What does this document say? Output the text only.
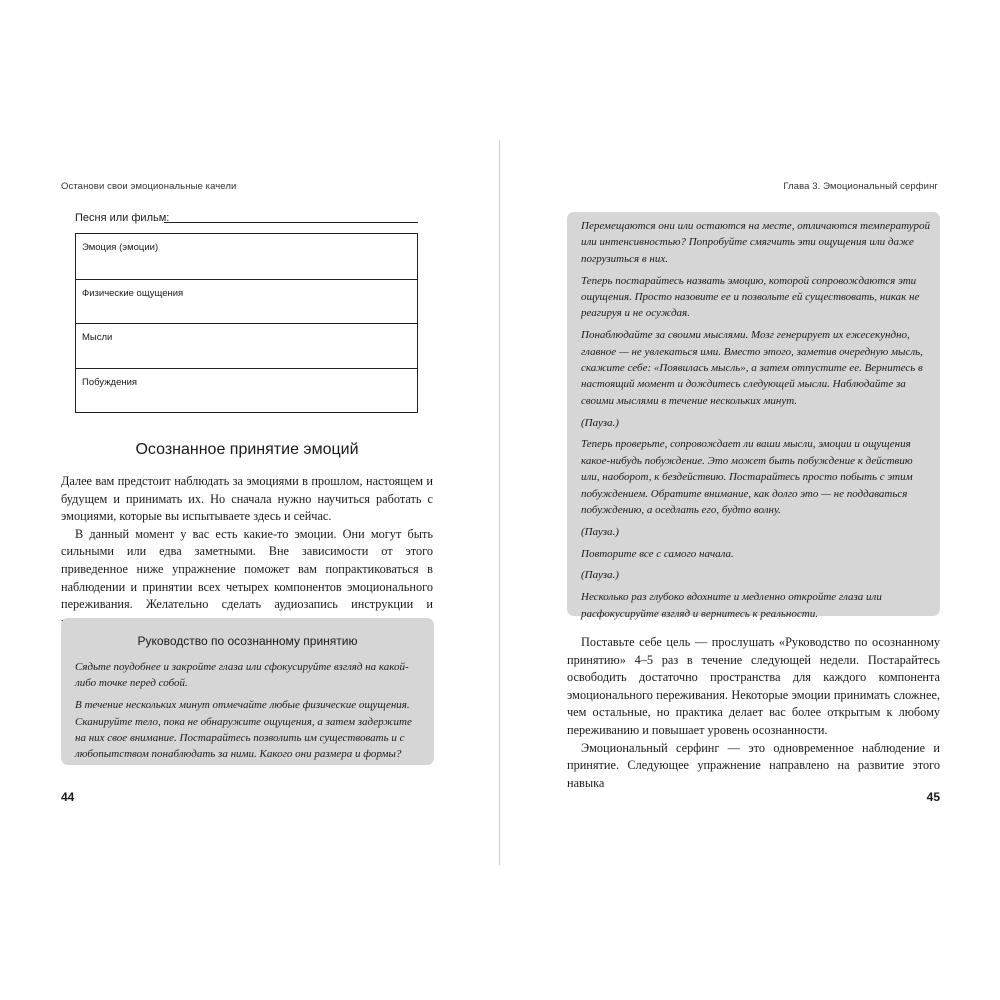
Останови свои эмоциональные качели
Песня или фильм:
Эмоция (эмоции)
Физические ощущения
Мысли
Побуждения
Осознанное принятие эмоций

Далее вам предстоит наблюдать за эмоциями в прошлом, настоящем и будущем и принимать их. Но сначала нужно научиться работать с эмоциями, которые вы испытываете здесь и сейчас.

В данный момент у вас есть какие-то эмоции. Они могут быть сильными или едва заметными. Вне зависимости от этого приведенное ниже упражнение поможет вам попрактиковаться в наблюдении и принятии всех четырех компонентов эмоционального переживания. Желательно сделать аудиозапись инструкции и

Руководство по осознанному принятию

Сядьте поудобнее и закройте глаза или сфокусируйте взгляд на какой-либо точке перед собой.

В течение нескольких минут отмечайте любые физические ощущения. Сканируйте тело, пока не обнаружите ощущения, а затем задержите на них свое внимание. Постарайтесь позволить им существовать и с любопытством понаблюдать за ними. Какого они размера и формы?

44
Глава 3. Эмоциональный серфинг
45

Перемещаются они или остаются на месте, отличаются температурой или интенсивностью? Попробуйте смягчить эти ощущения или даже погрузиться в них.

Теперь постарайтесь назвать эмоцию, которой сопровождаются эти ощущения. Просто назовите ее и позвольте ей существовать, никак не реагируя и не осуждая.

Понаблюдайте за своими мыслями. Мозг генерирует их ежесекундно, главное — не увлекаться ими. Вместо этого, заметив очередную мысль, скажите себе: «Появилась мысль», а затем отпустите ее. Вернитесь в настоящий момент и дождитесь следующей мысли. Наблюдайте за своими мыслями в течение нескольких минут.

(Пауза.)

Теперь проверьте, сопровождает ли ваши мысли, эмоции и ощущения какое-нибудь побуждение. Это может быть побуждение к действию или, наоборот, к бездействию. Постарайтесь просто побыть с этим побуждением. Обратите внимание, как долго это — не поддаваться побуждению, а оседлать его, будто волну.

(Пауза.)

Повторите все с самого начала.

(Пауза.)

Несколько раз глубоко вдохните и медленно откройте глаза или расфокусируйте взгляд и вернитесь к реальности.

Поставьте себе цель — прослушать «Руководство по осознанному принятию» 4–5 раз в течение следующей недели. Постарайтесь освободить достаточно пространства для каждого компонента эмоционального переживания. Некоторые эмоции принимать сложнее, чем остальные, но практика делает вас более открытым к любому переживанию и повышает уровень осознанности.

Эмоциональный серфинг — это одновременное наблюдение и принятие. Следующее упражнение направлено на развитие этого навыка
